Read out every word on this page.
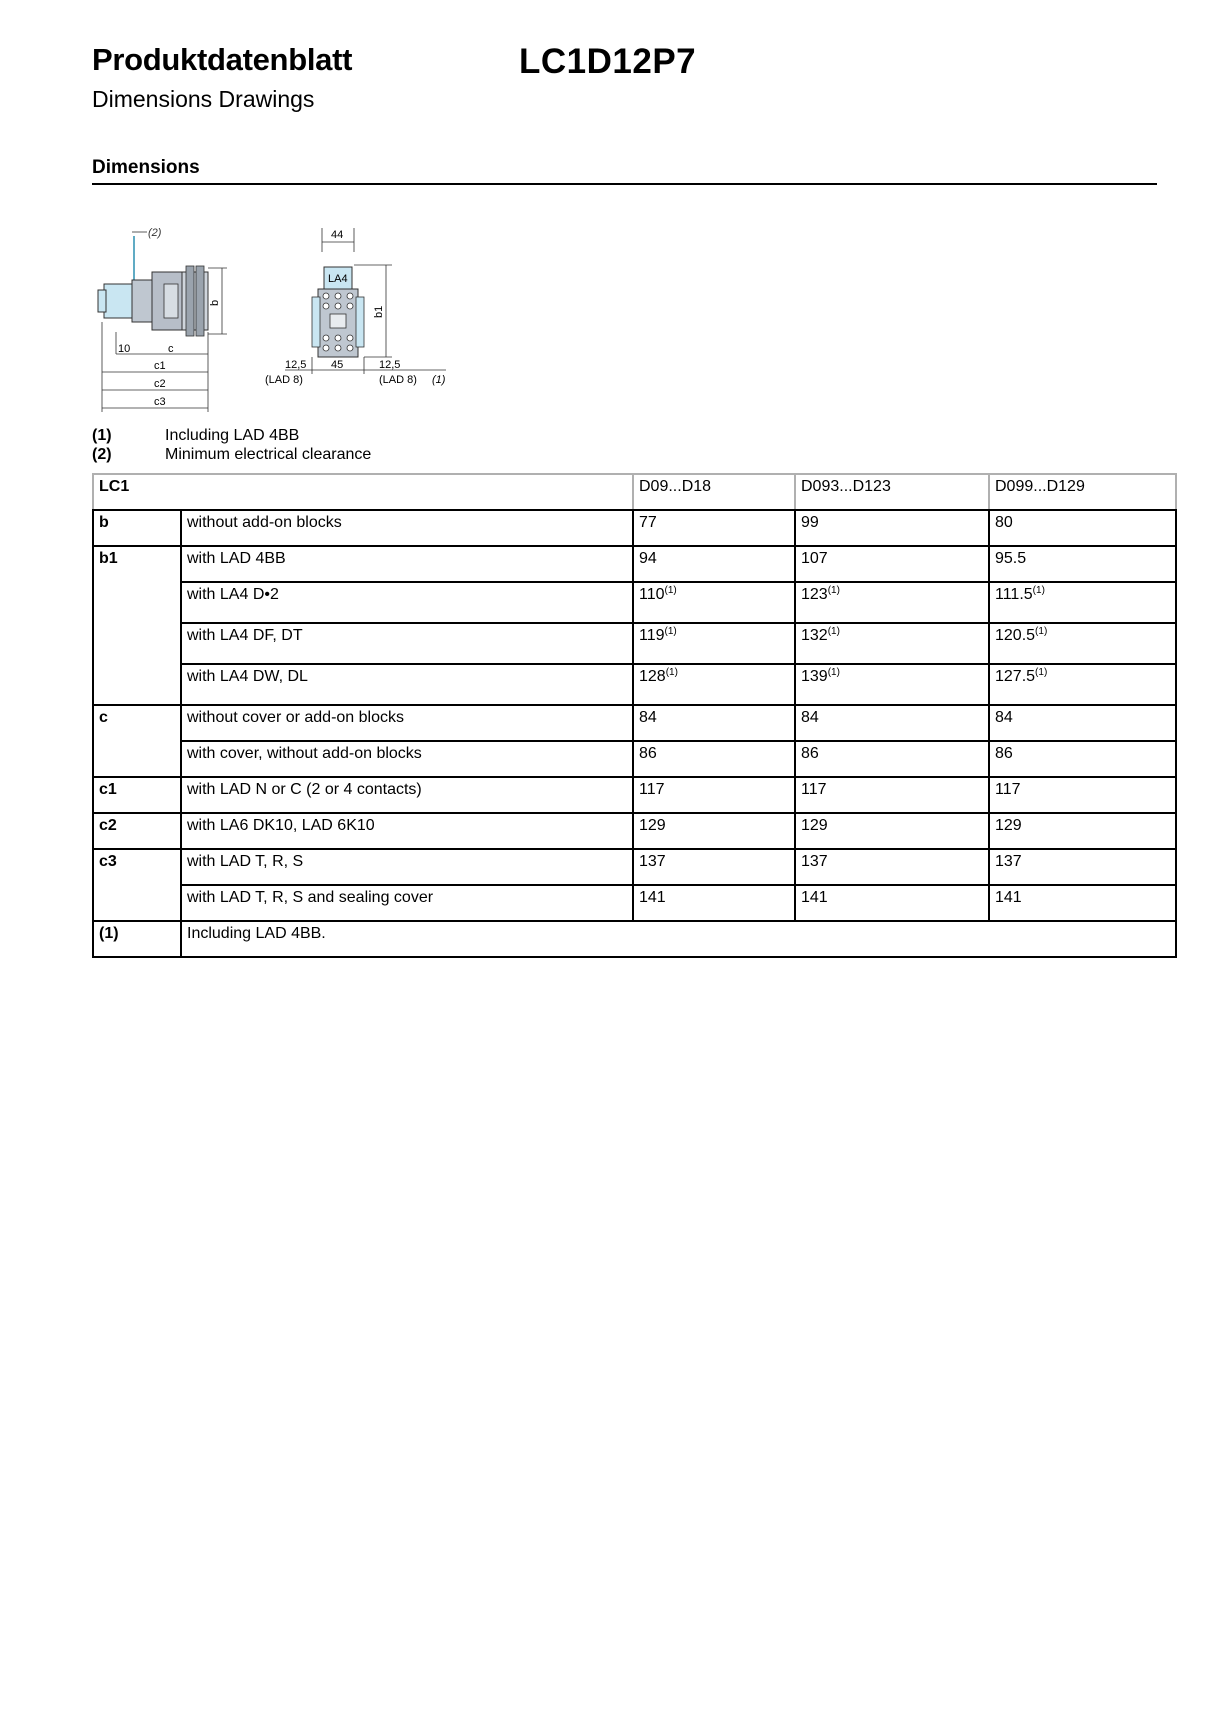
Produktdatenblatt	LC1D12P7
Dimensions Drawings
Dimensions
(2)
b
10	c
c1
c2
c3
44
LA4
b1
12,5 45	12,5
(LAD 8)	(LAD 8) (1)
(1)	Including LAD 4BB
(2)	Minimum electrical clearance
LC1		D09...D18	D093...D123	D099...D129
b	without add-on blocks	77	99	80
b1	with LAD 4BB	94	107	95.5
	with LA4 D•2	110$^{(1)}$	123$^{(1)}$	111.5$^{(1)}$
	with LA4 DF, DT	119$^{(1)}$	132$^{(1)}$	120.5$^{(1)}$
	with LA4 DW, DL	128$^{(1)}$	139$^{(1)}$	127.5$^{(1)}$
c	without cover or add-on blocks	84	84	84
	with cover, without add-on blocks	86	86	86
c1	with LAD N or C (2 or 4 contacts)	117	117	117
c2	with LA6 DK10, LAD 6K10	129	129	129
c3	with LAD T, R, S	137	137	137
	with LAD T, R, S and sealing cover	141	141	141
(1)	Including LAD 4BB.			
